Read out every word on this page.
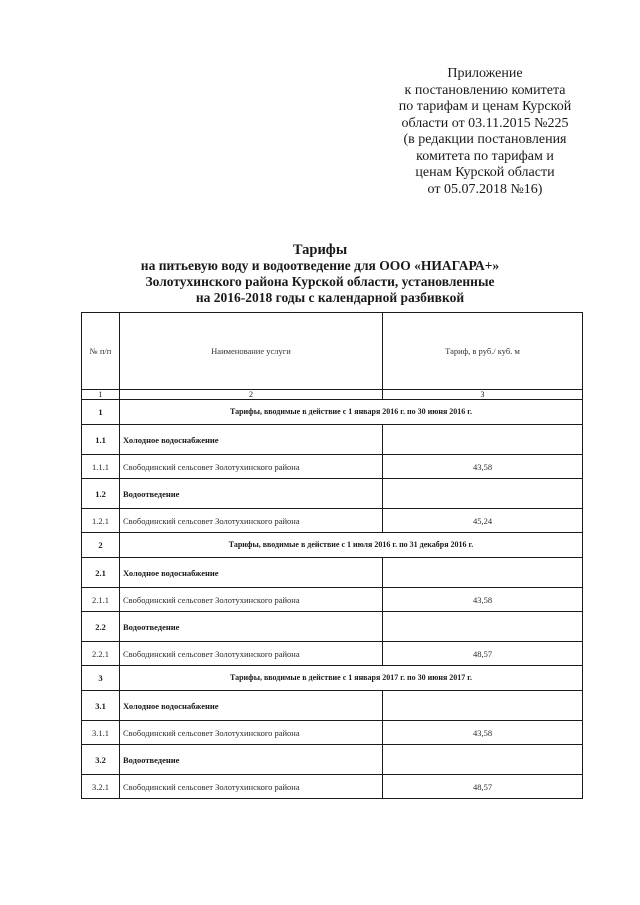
Приложение
к постановлению комитета
по тарифам и ценам Курской
области от 03.11.2015 №225
(в редакции постановления
комитета по тарифам и
ценам Курской области
от 05.07.2018 №16)
Тарифы
на питьевую воду и водоотведение для ООО «НИАГАРА+»
Золотухинского района Курской области, установленные
на 2016-2018 годы с календарной разбивкой
№ п/п	Наименование услуги	Тариф, в руб./ куб. м
1	2	3
1	Тарифы, вводимые в действие с 1 января 2016 г. по 30 июня 2016 г.	
1.1	Холодное водоснабжение	
1.1.1	Свободинский сельсовет Золотухинского района	43,58
1.2	Водоотведение	
1.2.1	Свободинский сельсовет Золотухинского района	45,24
2	Тарифы, вводимые в действие с 1 июля 2016 г. по 31 декабря 2016 г.	
2.1	Холодное водоснабжение	
2.1.1	Свободинский сельсовет Золотухинского района	43,58
2.2	Водоотведение	
2.2.1	Свободинский сельсовет Золотухинского района	48,57
3	Тарифы, вводимые в действие с 1 января 2017 г. по 30 июня 2017 г.	
3.1	Холодное водоснабжение	
3.1.1	Свободинский сельсовет Золотухинского района	43,58
3.2	Водоотведение	
3.2.1	Свободинский сельсовет Золотухинского района	48,57
